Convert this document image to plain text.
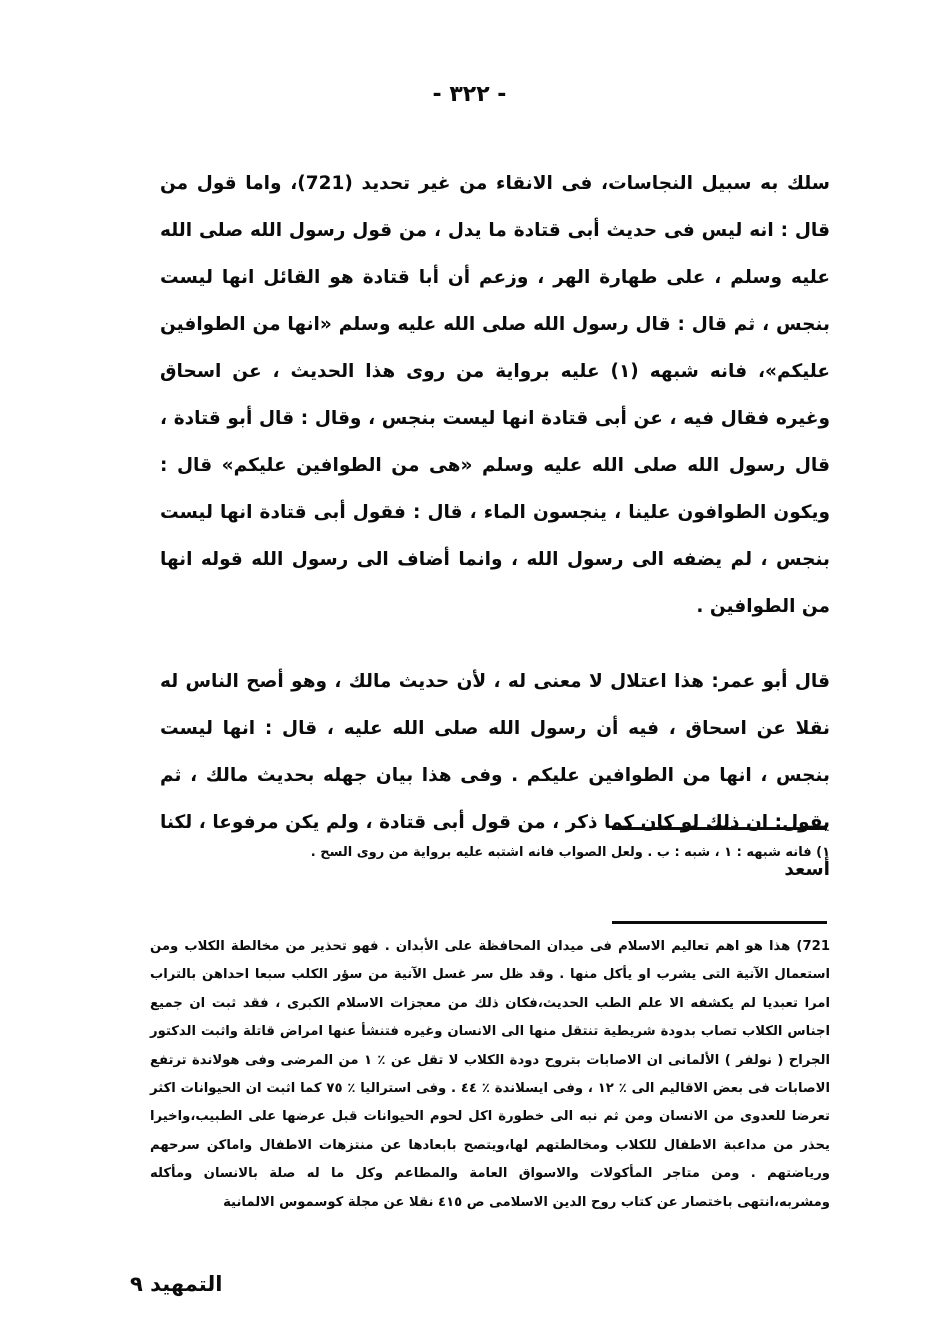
- ٣٢٢ -

سلك به سبيل النجاسات، فى الانقاء من غير تحديد (721)، واما قول من قال : انه ليس فى حديث أبى قتادة ما يدل ، من قول رسول الله صلى الله عليه وسلم ، على طهارة الهر ، وزعم أن أبا قتادة هو القائل انها ليست بنجس ، ثم قال : قال رسول الله صلى الله عليه وسلم «انها من الطوافين عليكم»، فانه شبهه (١) عليه برواية من روى هذا الحديث ، عن اسحاق وغيره فقال فيه ، عن أبى قتادة انها ليست بنجس ، وقال : قال أبو قتادة ، قال رسول الله صلى الله عليه وسلم «هى من الطوافين عليكم» قال : ويكون الطوافون علينا ، ينجسون الماء ، قال : فقول أبى قتادة انها ليست بنجس ، لم يضفه الى رسول الله ، وانما أضاف الى رسول الله قوله انها من الطوافين .

قال أبو عمر: هذا اعتلال لا معنى له ، لأن حديث مالك ، وهو أصح الناس له نقلا عن اسحاق ، فيه أن رسول الله صلى الله عليه ، قال : انها ليست بنجس ، انها من الطوافين عليكم . وفى هذا بيان جهله بحديث مالك ، ثم يقول: ان ذلك لو كان كما ذكر ، من قول أبى قتادة ، ولم يكن مرفوعا ، لكنا أسعد

١) فانه شبهه : ١ ، شبه : ب . ولعل الصواب فانه اشتبه عليه برواية من روى السح .
721) هذا هو اهم تعاليم الاسلام فى ميدان المحافظة على الأبدان . فهو تحذير من مخالطة الكلاب ومن استعمال الآنية التى يشرب او يأكل منها . وقد ظل سر غسل الآنية من سؤر الكلب سبعا احداهن بالتراب امرا تعبديا لم يكشفه الا علم الطب الحديث،فكان ذلك من معجزات الاسلام الكبرى ، فقد ثبت ان جميع اجناس الكلاب تصاب بدودة شريطية تنتقل منها الى الانسان وغيره فتنشأ عنها امراض قاتلة واثبت الدكتور الجراح ( نولفر ) الألمانى ان الاصابات بتروح دودة الكلاب لا تقل عن ٪ ١ من المرضى وفى هولاندة ترتفع الاصابات فى بعض الاقاليم الى ٪ ١٢ ، وفى ايسلاندة ٪ ٤٤ . وفى استراليا ٪ ٧٥ كما اثبت ان الحيوانات اكثر تعرضا للعدوى من الانسان ومن ثم نبه الى خطورة اكل لحوم الحيوانات قبل عرضها على الطبيب،واخيرا يحذر من مداعبة الاطفال للكلاب ومخالطتهم لها،ويتصح بابعادها عن منتزهات الاطفال واماكن سرحهم ورياضتهم . ومن متاجر المأكولات والاسواق العامة والمطاعم وكل ما له صلة بالانسان ومأكله ومشربه،انتهى باختصار عن كتاب روح الدين الاسلامى ص ٤١٥ نقلا عن مجلة كوسموس الالمانية
التمهيد ٩
